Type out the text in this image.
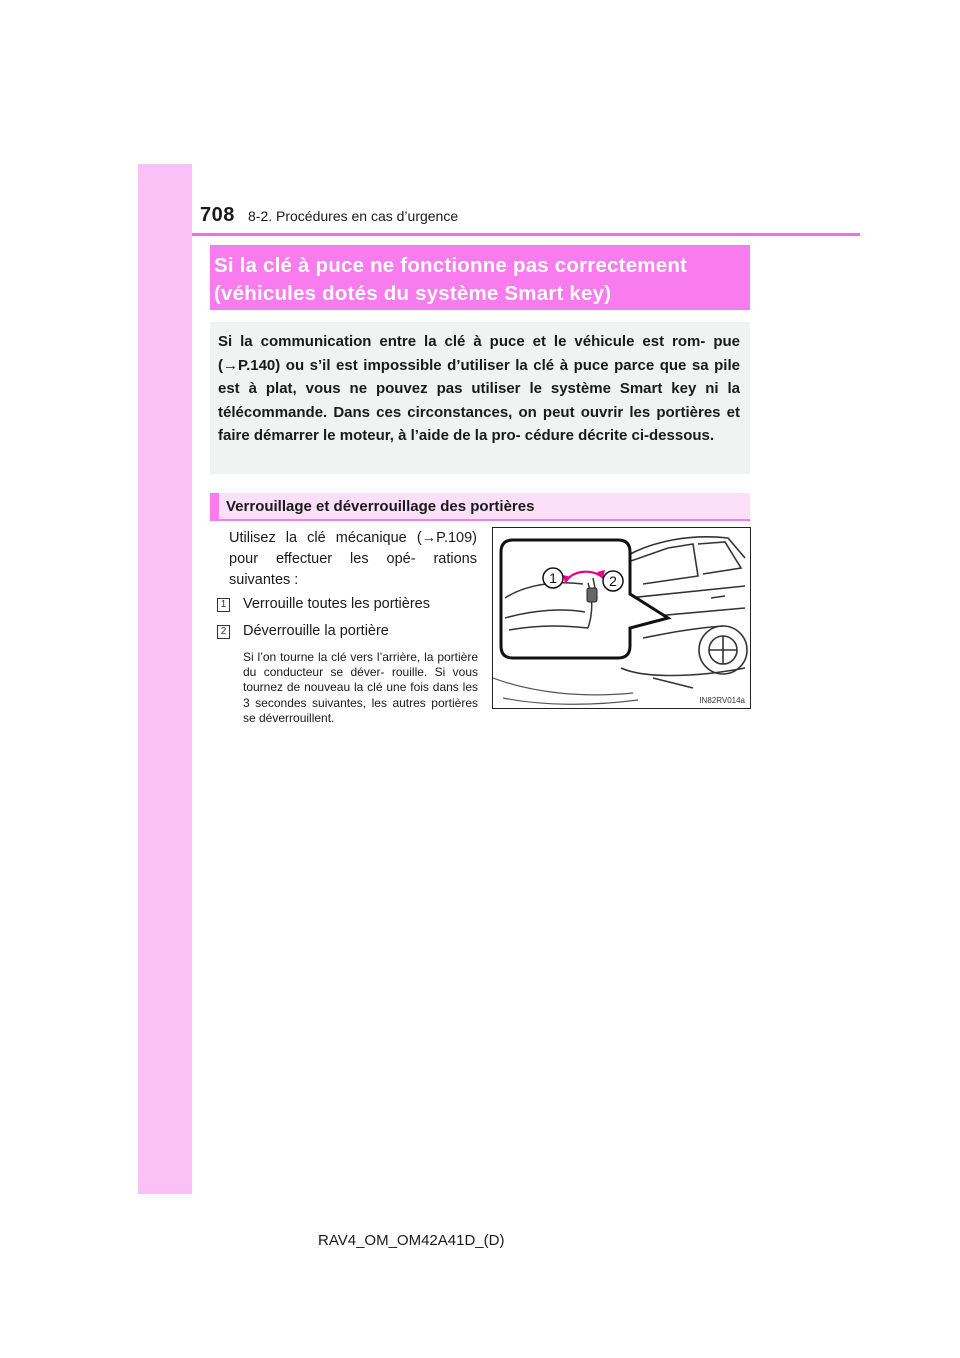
708 8-2. Procédures en cas d’urgence
Si la clé à puce ne fonctionne pas correctement
(véhicules dotés du système Smart key)
Si la communication entre la clé à puce et le véhicule est rom- pue (→P.140) ou s’il est impossible d’utiliser la clé à puce parce que sa pile est à plat, vous ne pouvez pas utiliser le système Smart key ni la télécommande. Dans ces circonstances, on peut ouvrir les portières et faire démarrer le moteur, à l’aide de la pro- cédure décrite ci-dessous.
Verrouillage et déverrouillage des portières
Utilisez la clé mécanique (→P.109) pour effectuer les opé- rations suivantes :
1 Verrouille toutes les portières
2 Déverrouille la portière
Si l’on tourne la clé vers l’arrière, la portière du conducteur se déver- rouille. Si vous tournez de nouveau la clé une fois dans les 3 secondes suivantes, les autres portières se déverrouillent.
1	2
IN82RV014a
RAV4_OM_OM42A41D_(D)
